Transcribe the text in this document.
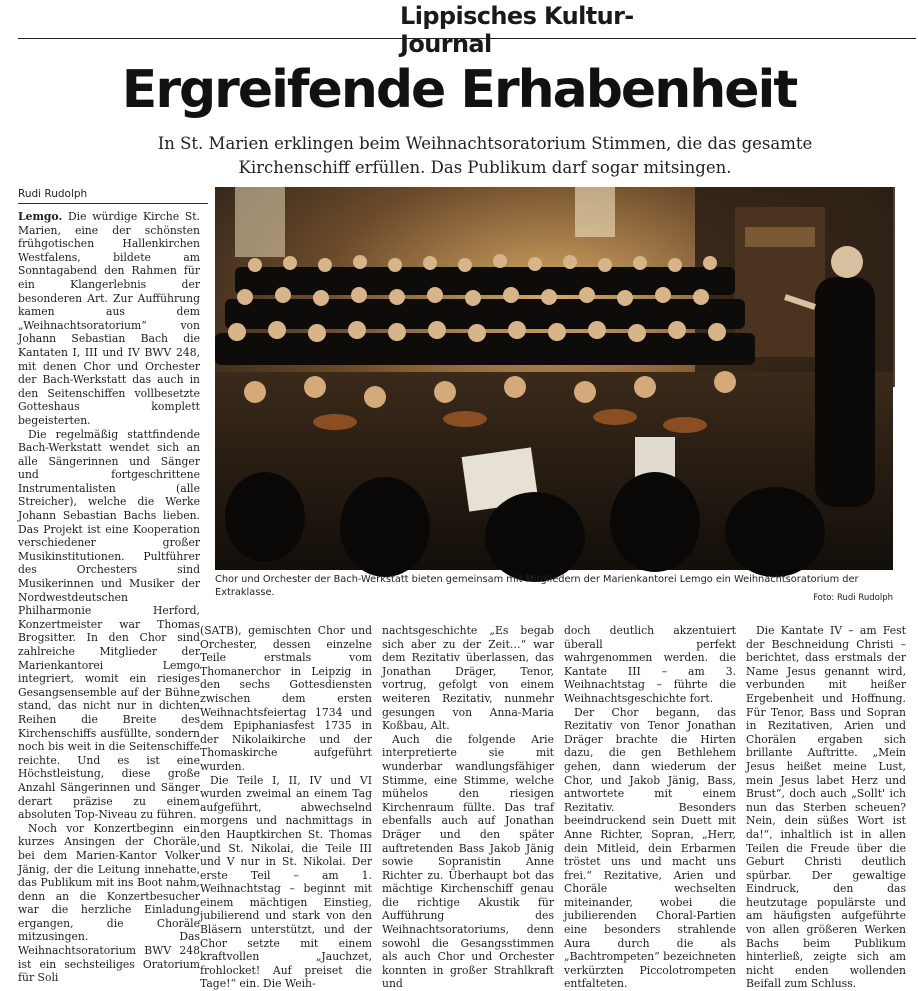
Lippisches Kultur-Journal
Ergreifende Erhabenheit
In St. Marien erklingen beim Weihnachtsoratorium Stimmen, die das gesamte Kirchenschiff erfüllen. Das Publikum darf sogar mitsingen.
Rudi Rudolph
Chor und Orchester der Bach-Werkstatt bieten gemeinsam mit Mitgliedern der Marienkantorei Lemgo ein Weihnachtsoratorium der Extraklasse.	Foto: Rudi Rudolph

Lemgo. Die würdige Kirche St. Marien, eine der schönsten frühgotischen Hallenkirchen Westfalens, bildete am Sonntagabend den Rahmen für ein Klangerlebnis der besonderen Art. Zur Aufführung kamen aus dem „Weihnachtsoratorium“ von Johann Sebastian Bach die Kantaten I, III und IV BWV 248, mit denen Chor und Orchester der Bach-Werkstatt das auch in den Seitenschiffen vollbesetzte Gotteshaus komplett begeisterten.

Die regelmäßig stattfindende Bach-Werkstatt wendet sich an alle Sängerinnen und Sänger und fortgeschrittene Instrumentalisten (alle Streicher), welche die Werke Johann Sebastian Bachs lieben. Das Projekt ist eine Kooperation verschiedener großer Musikinstitutionen. Pultführer des Orchesters sind Musikerinnen und Musiker der Nordwestdeutschen Philharmonie Herford, Konzertmeister war Thomas Brogsitter. In den Chor sind zahlreiche Mitglieder der Marienkantorei Lemgo integriert, womit ein riesiges Gesangsensemble auf der Bühne stand, das nicht nur in dichten Reihen die Breite des Kirchenschiffs ausfüllte, sondern noch bis weit in die Seitenschiffe reichte. Und es ist eine Höchstleistung, diese große Anzahl Sängerinnen und Sänger derart präzise zu einem absoluten Top-Niveau zu führen.

Noch vor Konzertbeginn ein kurzes Ansingen der Choräle, bei dem Marien-Kantor Volker Jänig, der die Leitung innehatte, das Publikum mit ins Boot nahm, denn an die Konzertbesucher war die herzliche Einladung ergangen, die Choräle mitzusingen. Das Weihnachtsoratorium BWV 248 ist ein sechsteiliges Oratorium für Soli

(SATB), gemischten Chor und Orchester, dessen einzelne Teile erstmals vom Thomanerchor in Leipzig in den sechs Gottesdiensten zwischen dem ersten Weihnachtsfeiertag 1734 und dem Epiphaniasfest 1735 in der Nikolaikirche und der Thomaskirche aufgeführt wurden.

Die Teile I, II, IV und VI wurden zweimal an einem Tag aufgeführt, abwechselnd morgens und nachmittags in den Hauptkirchen St. Thomas und St. Nikolai, die Teile III und V nur in St. Nikolai. Der erste Teil – am 1. Weihnachtstag – beginnt mit einem mächtigen Einstieg, jubilierend und stark von den Bläsern unterstützt, und der Chor setzte mit einem kraftvollen „Jauchzet, frohlocket! Auf preiset die Tage!“ ein. Die Weih-

nachtsgeschichte „Es begab sich aber zu der Zeit…“ war dem Rezitativ überlassen, das Jonathan Dräger, Tenor, vortrug, gefolgt von einem weiteren Rezitativ, nunmehr gesungen von Anna-Maria Koßbau, Alt.

Auch die folgende Arie interpretierte sie mit wunderbar wandlungsfähiger Stimme, eine Stimme, welche mühelos den riesigen Kirchenraum füllte. Das traf ebenfalls auch auf Jonathan Dräger und den später auftretenden Bass Jakob Jänig sowie Sopranistin Anne Richter zu. Überhaupt bot das mächtige Kirchenschiff genau die richtige Akustik für Aufführung des Weihnachtsoratoriums, denn sowohl die Gesangsstimmen als auch Chor und Orchester konnten in großer Strahlkraft und

doch deutlich akzentuiert überall perfekt wahrgenommen werden. die Kantate III – am 3. Weihnachtstag – führte die Weihnachtsgeschichte fort.

Der Chor begann, das Rezitativ von Tenor Jonathan Dräger brachte die Hirten dazu, die gen Bethlehem gehen, dann wiederum der Chor, und Jakob Jänig, Bass, antwortete mit einem Rezitativ. Besonders beeindruckend sein Duett mit Anne Richter, Sopran, „Herr, dein Mitleid, dein Erbarmen tröstet uns und macht uns frei.“ Rezitative, Arien und Choräle wechselten miteinander, wobei die jubilierenden Choral-Partien eine besonders strahlende Aura durch die als „Bachtrompeten“ bezeichneten verkürzten Piccolotrompeten entfalteten.

Die Kantate IV – am Fest der Beschneidung Christi – berichtet, dass erstmals der Name Jesus genannt wird, verbunden mit heißer Ergebenheit und Hoffnung. Für Tenor, Bass und Sopran in Rezitativen, Arien und Chorälen ergaben sich brillante Auftritte. „Mein Jesus heißet meine Lust, mein Jesus labet Herz und Brust“, doch auch „Sollt' ich nun das Sterben scheuen? Nein, dein süßes Wort ist da!“, inhaltlich ist in allen Teilen die Freude über die Geburt Christi deutlich spürbar. Der gewaltige Eindruck, den das heutzutage populärste und am häufigsten aufgeführte von allen größeren Werken Bachs beim Publikum hinterließ, zeigte sich am nicht enden wollenden Beifall zum Schluss.
